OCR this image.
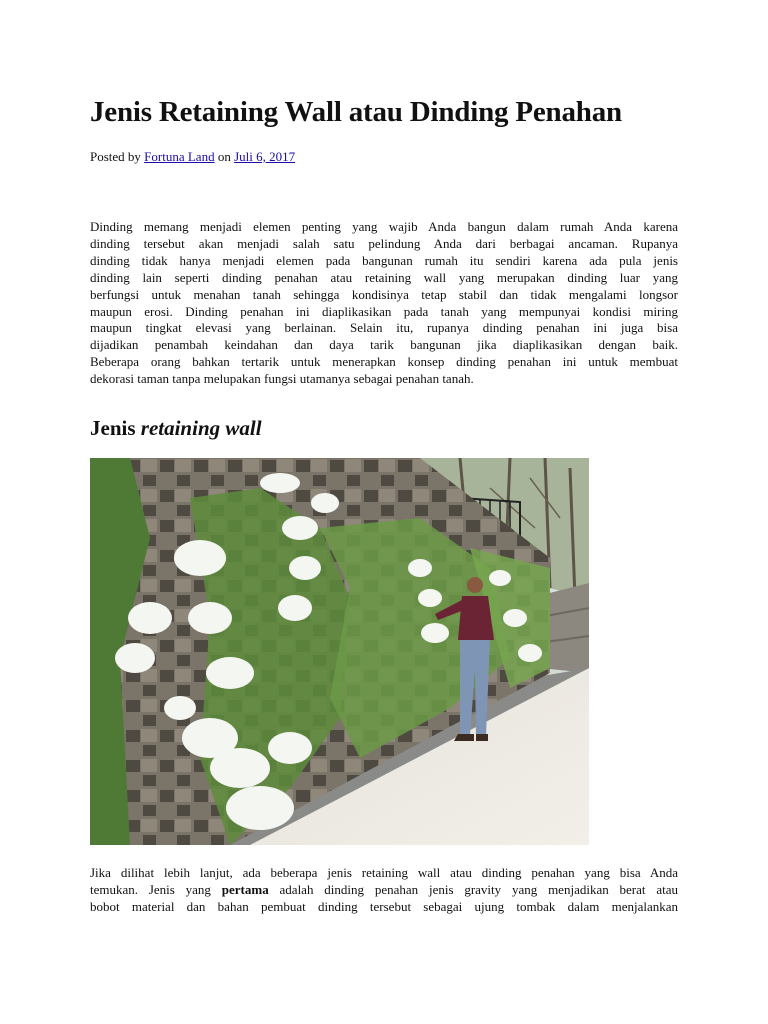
Jenis Retaining Wall atau Dinding Penahan
Posted by Fortuna Land on Juli 6, 2017

Dinding memang menjadi elemen penting yang wajib Anda bangun dalam rumah Anda karena
dinding tersebut akan menjadi salah satu pelindung Anda dari berbagai ancaman. Rupanya
dinding tidak hanya menjadi elemen pada bangunan rumah itu sendiri karena ada pula jenis
dinding lain seperti dinding penahan atau retaining wall yang merupakan dinding luar yang
berfungsi untuk menahan tanah sehingga kondisinya tetap stabil dan tidak mengalami longsor
maupun erosi. Dinding penahan ini diaplikasikan pada tanah yang mempunyai kondisi miring
maupun tingkat elevasi yang berlainan. Selain itu, rupanya dinding penahan ini juga bisa
dijadikan penambah keindahan dan daya tarik bangunan jika diaplikasikan dengan baik.
Beberapa orang bahkan tertarik untuk menerapkan konsep dinding penahan ini untuk membuat
dekorasi taman tanpa melupakan fungsi utamanya sebagai penahan tanah.

Jenis retaining wall

Jika dilihat lebih lanjut, ada beberapa jenis retaining wall atau dinding penahan yang bisa Anda
temukan. Jenis yang pertama adalah dinding penahan jenis gravity yang menjadikan berat atau
bobot material dan bahan pembuat dinding tersebut sebagai ujung tombak dalam menjalankan
